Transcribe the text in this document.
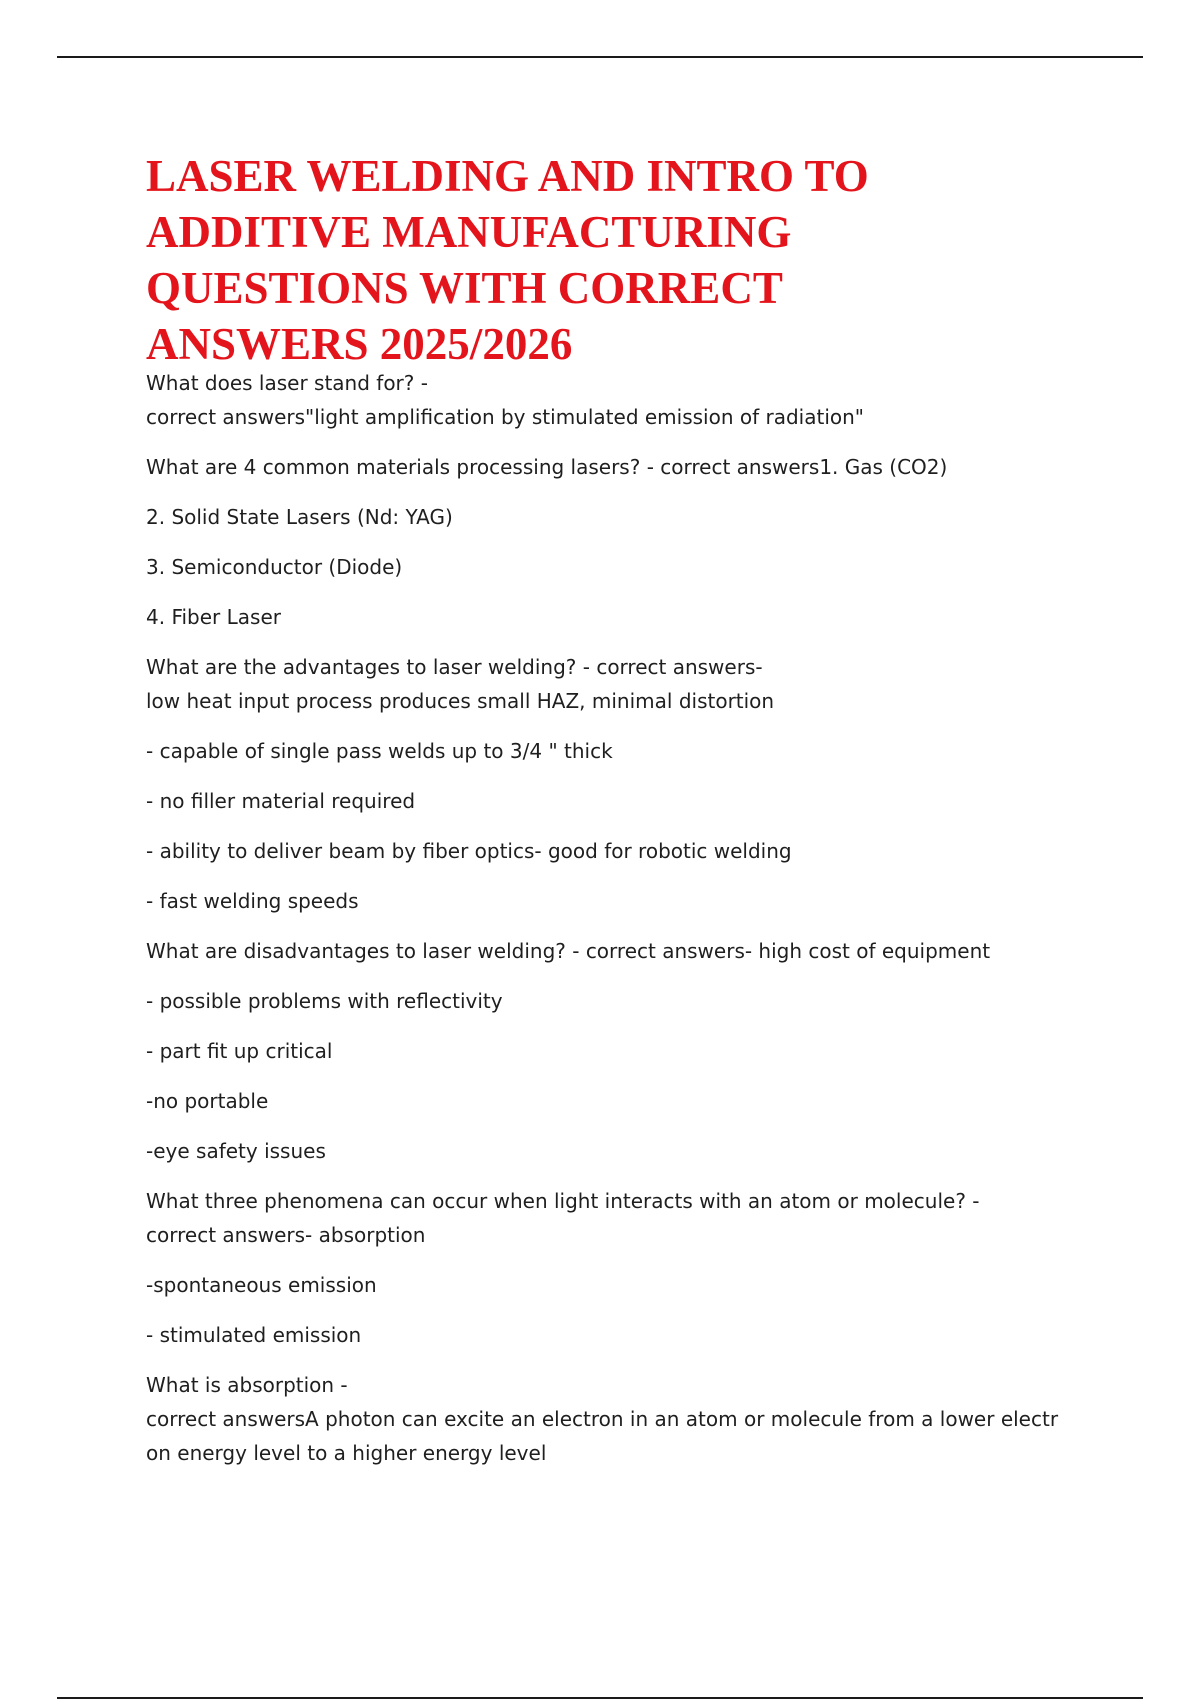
LASER WELDING AND INTRO TO
ADDITIVE MANUFACTURING
QUESTIONS WITH CORRECT
ANSWERS 2025/2026

What does laser stand for? -
correct answers"light amplification by stimulated emission of radiation"

What are 4 common materials processing lasers? - correct answers1. Gas (CO2)

2. Solid State Lasers (Nd: YAG)

3. Semiconductor (Diode)

4. Fiber Laser

What are the advantages to laser welding? - correct answers-
low heat input process produces small HAZ, minimal distortion

- capable of single pass welds up to 3/4 " thick

- no filler material required

- ability to deliver beam by fiber optics- good for robotic welding

- fast welding speeds

What are disadvantages to laser welding? - correct answers- high cost of equipment

- possible problems with reflectivity

- part fit up critical

-no portable

-eye safety issues

What three phenomena can occur when light interacts with an atom or molecule? -
correct answers- absorption

-spontaneous emission

- stimulated emission

What is absorption -
correct answersA photon can excite an electron in an atom or molecule from a lower electr
on energy level to a higher energy level
